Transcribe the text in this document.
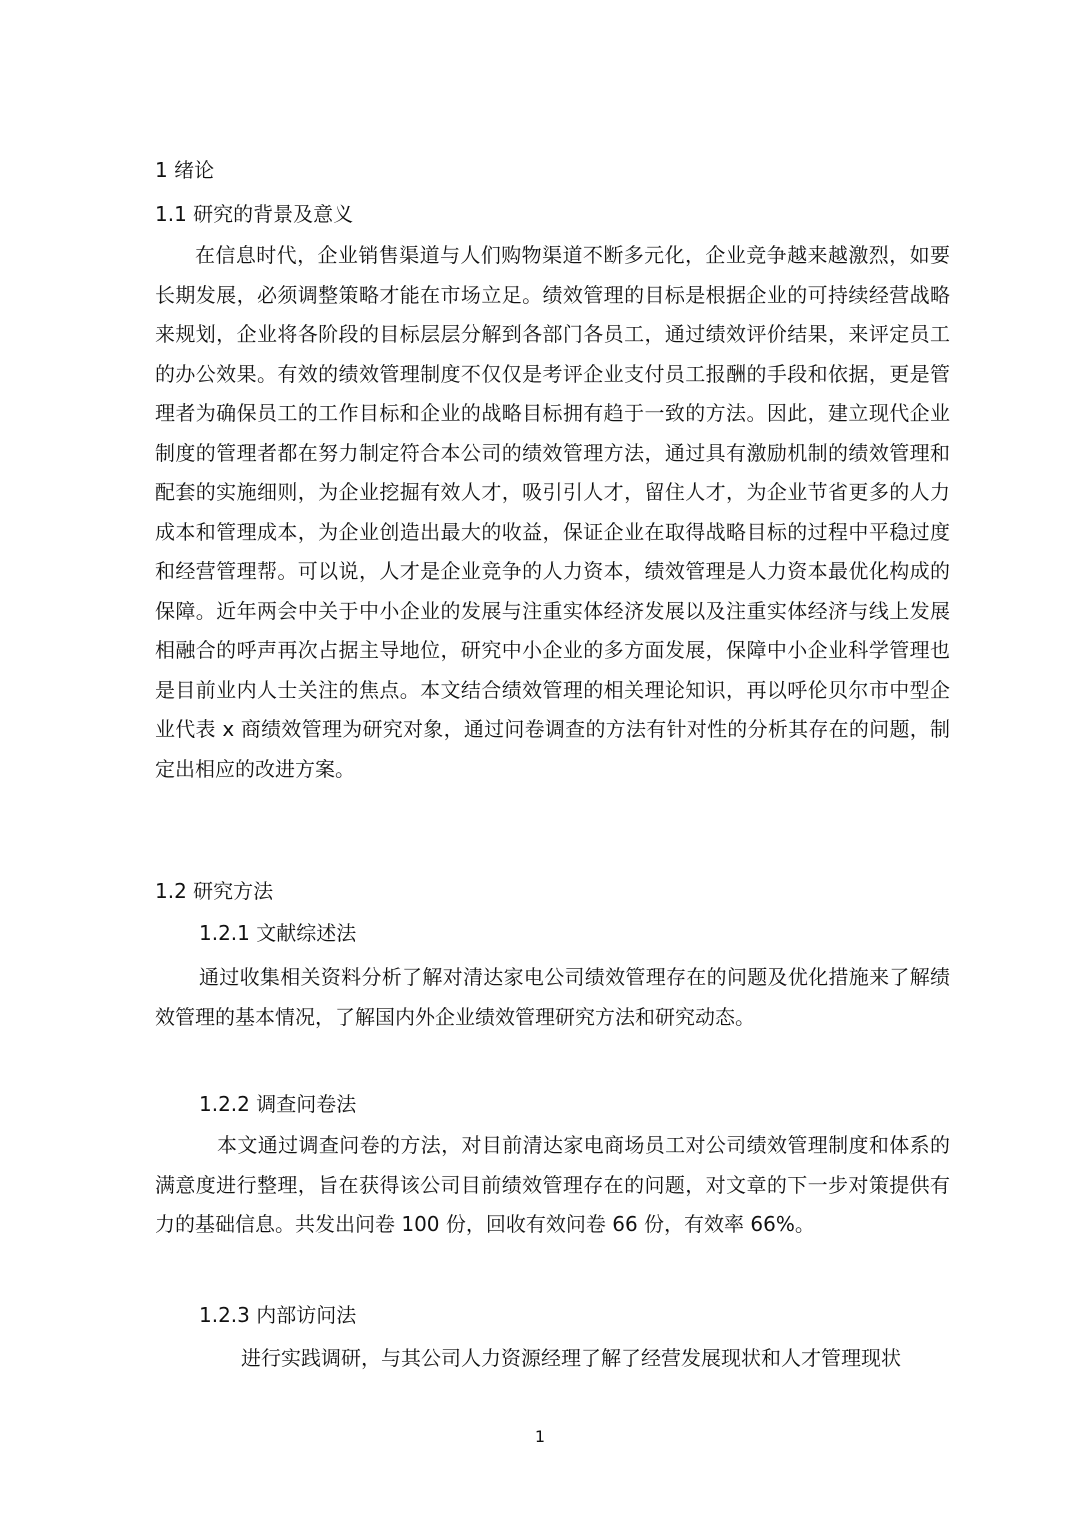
1 绪论
1.1 研究的背景及意义

在信息时代，企业销售渠道与人们购物渠道不断多元化，企业竞争越来越激烈，如要长期发展，必须调整策略才能在市场立足。绩效管理的目标是根据企业的可持续经营战略来规划，企业将各阶段的目标层层分解到各部门各员工，通过绩效评价结果，来评定员工的办公效果。有效的绩效管理制度不仅仅是考评企业支付员工报酬的手段和依据，更是管理者为确保员工的工作目标和企业的战略目标拥有趋于一致的方法。因此，建立现代企业制度的管理者都在努力制定符合本公司的绩效管理方法，通过具有激励机制的绩效管理和配套的实施细则，为企业挖掘有效人才，吸引引人才，留住人才，为企业节省更多的人力成本和管理成本，为企业创造出最大的收益，保证企业在取得战略目标的过程中平稳过度和经营管理帮。可以说，人才是企业竞争的人力资本，绩效管理是人力资本最优化构成的保障。近年两会中关于中小企业的发展与注重实体经济发展以及注重实体经济与线上发展相融合的呼声再次占据主导地位，研究中小企业的多方面发展，保障中小企业科学管理也是目前业内人士关注的焦点。本文结合绩效管理的相关理论知识，再以呼伦贝尔市中型企业代表 x 商绩效管理为研究对象，通过问卷调查的方法有针对性的分析其存在的问题，制定出相应的改进方案。

1.2 研究方法
1.2.1 文献综述法

通过收集相关资料分析了解对清达家电公司绩效管理存在的问题及优化措施来了解绩效管理的基本情况，了解国内外企业绩效管理研究方法和研究动态。

1.2.2 调查问卷法

本文通过调查问卷的方法，对目前清达家电商场员工对公司绩效管理制度和体系的满意度进行整理，旨在获得该公司目前绩效管理存在的问题，对文章的下一步对策提供有力的基础信息。共发出问卷 100 份，回收有效问卷 66 份，有效率 66%。

1.2.3 内部访问法

进行实践调研，与其公司人力资源经理了解了经营发展现状和人才管理现状

1
